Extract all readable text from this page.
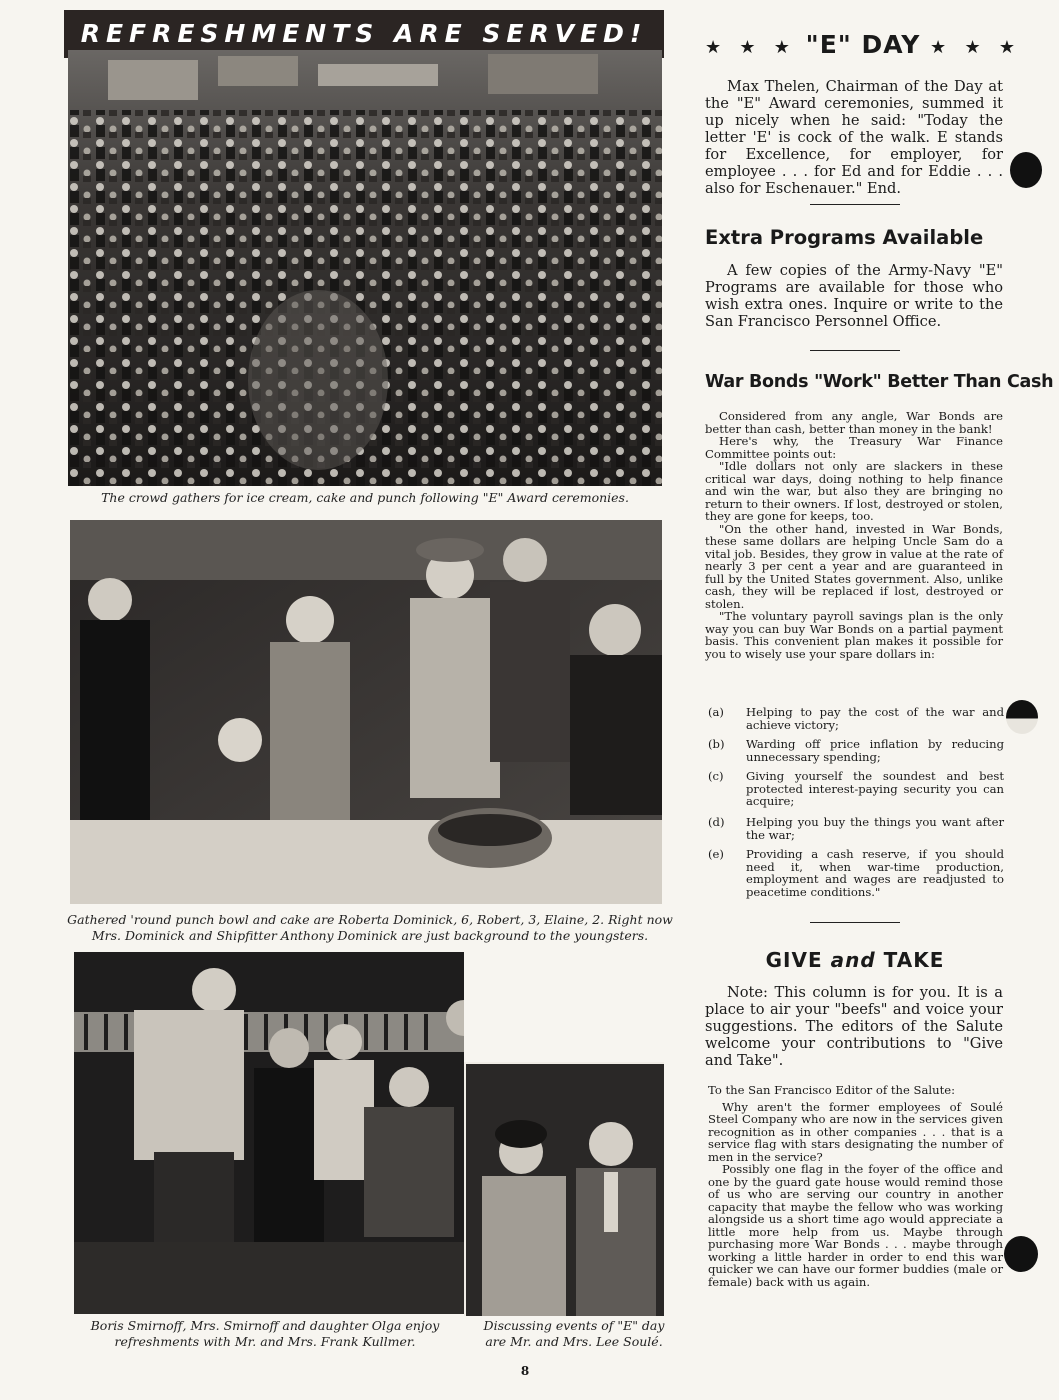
REFRESHMENTS ARE SERVED!
The crowd gathers for ice cream, cake and punch following "E" Award ceremonies.
Gathered 'round punch bowl and cake are Roberta Dominick, 6, Robert, 3, Elaine, 2. Right now Mrs. Dominick and Shipfitter Anthony Dominick are just background to the youngsters.
Boris Smirnoff, Mrs. Smirnoff and daughter Olga enjoy refreshments with Mr. and Mrs. Frank Kullmer.
Discussing events of "E" day are Mr. and Mrs. Lee Soulé.
★ ★ ★ "E" DAY ★ ★ ★

Max Thelen, Chairman of the Day at the "E" Award ceremonies, summed it up nicely when he said: "Today the letter 'E' is cock of the walk. E stands for Excellence, for employer, for employee . . . for Ed and for Eddie . . . also for Eschenauer." End.

Extra Programs Available

A few copies of the Army-Navy "E" Programs are available for those who wish extra ones. Inquire or write to the San Francisco Personnel Office.

War Bonds "Work" Better Than Cash

Considered from any angle, War Bonds are better than cash, better than money in the bank!

Here's why, the Treasury War Finance Committee points out:

"Idle dollars not only are slackers in these critical war days, doing nothing to help finance and win the war, but also they are bringing no return to their owners. If lost, destroyed or stolen, they are gone for keeps, too.

"On the other hand, invested in War Bonds, these same dollars are helping Uncle Sam do a vital job. Besides, they grow in value at the rate of nearly 3 per cent a year and are guaranteed in full by the United States government. Also, unlike cash, they will be replaced if lost, destroyed or stolen.

"The voluntary payroll savings plan is the only way you can buy War Bonds on a partial payment basis. This convenient plan makes it possible for you to wisely use your spare dollars in:

(a)	Helping to pay the cost of the war and achieve victory;
(b)	Warding off price inflation by reducing unnecessary spending;
(c)	Giving yourself the soundest and best protected interest-paying security you can acquire;
(d)	Helping you buy the things you want after the war;
(e)	Providing a cash reserve, if you should need it, when war-time production, employment and wages are readjusted to peacetime conditions."
GIVE and TAKE

Note: This column is for you. It is a place to air your "beefs" and voice your suggestions. The editors of the Salute welcome your contributions to "Give and Take".

To the San Francisco Editor of the Salute:

Why aren't the former employees of Soulé Steel Company who are now in the services given recognition as in other companies . . . that is a service flag with stars designating the number of men in the service?

Possibly one flag in the foyer of the office and one by the guard gate house would remind those of us who are serving our country in another capacity that maybe the fellow who was working alongside us a short time ago would appreciate a little more help from us. Maybe through purchasing more War Bonds . . . maybe through working a little harder in order to end this war quicker we can have our former buddies (male or female) back with us again.

8
